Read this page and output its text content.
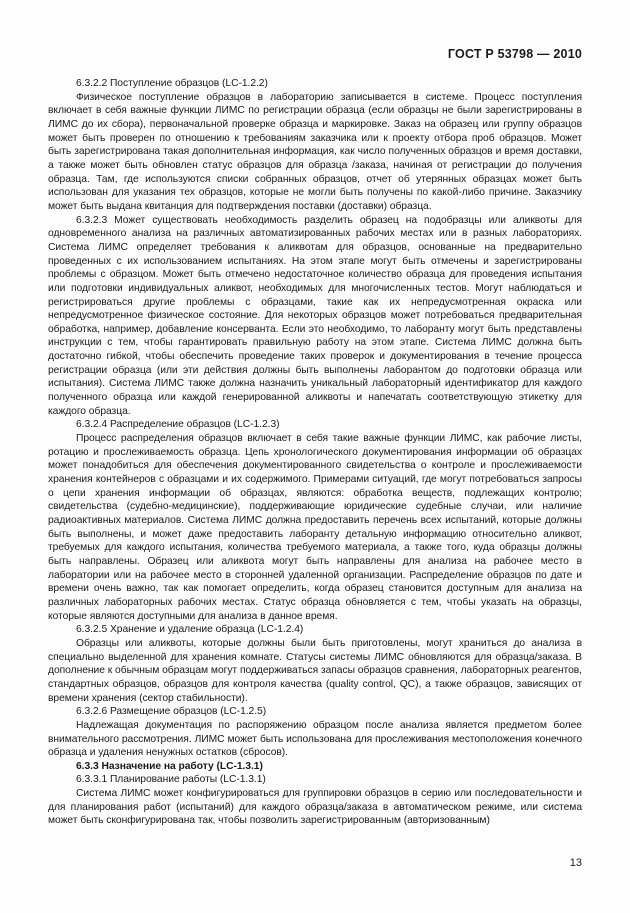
ГОСТ Р 53798 — 2010
6.3.2.2 Поступление образцов (LC-1.2.2)

Физическое поступление образцов в лабораторию записывается в системе. Процесс поступления включает в себя важные функции ЛИМС по регистрации образца (если образцы не были зарегистрированы в ЛИМС до их сбора), первоначальной проверке образца и маркировке. Заказ на образец или группу образцов может быть проверен по отношению к требованиям заказчика или к проекту отбора проб образцов. Может быть зарегистрирована такая дополнительная информация, как число полученных образцов и время доставки, а также может быть обновлен статус образцов для образца /заказа, начиная от регистрации до получения образца. Там, где используются списки собранных образцов, отчет об утерянных образцах может быть использован для указания тех образцов, которые не могли быть получены по какой-либо причине. Заказчику может быть выдана квитанция для подтверждения поставки (доставки) образца.

6.3.2.3 Может существовать необходимость разделить образец на подобразцы или аликвоты для одновременного анализа на различных автоматизированных рабочих местах или в разных лабораториях. Система ЛИМС определяет требования к аликвотам для образцов, основанные на предварительно проведенных с их использованием испытаниях. На этом этапе могут быть отмечены и зарегистрированы проблемы с образцом. Может быть отмечено недостаточное количество образца для проведения испытания или подготовки индивидуальных аликвот, необходимых для многочисленных тестов. Могут наблюдаться и регистрироваться другие проблемы с образцами, такие как их непредусмотренная окраска или непредусмотренное физическое состояние. Для некоторых образцов может потребоваться предварительная обработка, например, добавление консерванта. Если это необходимо, то лаборанту могут быть представлены инструкции с тем, чтобы гарантировать правильную работу на этом этапе. Система ЛИМС должна быть достаточно гибкой, чтобы обеспечить проведение таких проверок и документирования в течение процесса регистрации образца (или эти действия должны быть выполнены лаборантом до подготовки образца или испытания). Система ЛИМС также должна назначить уникальный лабораторный идентификатор для каждого полученного образца или каждой генерированной аликвоты и напечатать соответствующую этикетку для каждого образца.

6.3.2.4 Распределение образцов (LC-1.2.3)

Процесс распределения образцов включает в себя такие важные функции ЛИМС, как рабочие листы, ротацию и прослеживаемость образца. Цепь хронологического документирования информации об образцах может понадобиться для обеспечения документированного свидетельства о контроле и прослеживаемости хранения контейнеров с образцами и их содержимого. Примерами ситуаций, где могут потребоваться запросы о цепи хранения информации об образцах, являются: обработка веществ, подлежащих контролю; свидетельства (судебно-медицинские), поддерживающие юридические судебные случаи, или наличие радиоактивных материалов. Система ЛИМС должна предоставить перечень всех испытаний, которые должны быть выполнены, и может даже предоставить лаборанту детальную информацию относительно аликвот, требуемых для каждого испытания, количества требуемого материала, а также того, куда образцы должны быть направлены. Образец или аликвота могут быть направлены для анализа на рабочее место в лаборатории или на рабочее место в сторонней удаленной организации. Распределение образцов по дате и времени очень важно, так как помогает определить, когда образец становится доступным для анализа на различных лабораторных рабочих местах. Статус образца обновляется с тем, чтобы указать на образцы, которые являются доступными для анализа в данное время.

6.3.2.5 Хранение и удаление образца (LC-1.2.4)

Образцы или аликвоты, которые должны были быть приготовлены, могут храниться до анализа в специально выделенной для хранения комнате. Статусы системы ЛИМС обновляются для образца/заказа. В дополнение к обычным образцам могут поддерживаться запасы образцов сравнения, лабораторных реагентов, стандартных образцов, образцов для контроля качества (quality control, QC), а также образцов, зависящих от времени хранения (сектор стабильности).

6.3.2.6 Размещение образцов (LC-1.2.5)

Надлежащая документация по распоряжению образцом после анализа является предметом более внимательного рассмотрения. ЛИМС может быть использована для прослеживания местоположения конечного образца и удаления ненужных остатков (сбросов).

6.3.3 Назначение на работу (LC-1.3.1)
6.3.3.1 Планирование работы (LC-1.3.1)

Система ЛИМС может конфигурироваться для группировки образцов в серию или последовательности и для планирования работ (испытаний) для каждого образца/заказа в автоматическом режиме, или система может быть сконфигурирована так, чтобы позволить зарегистрированным (авторизованным)

13
